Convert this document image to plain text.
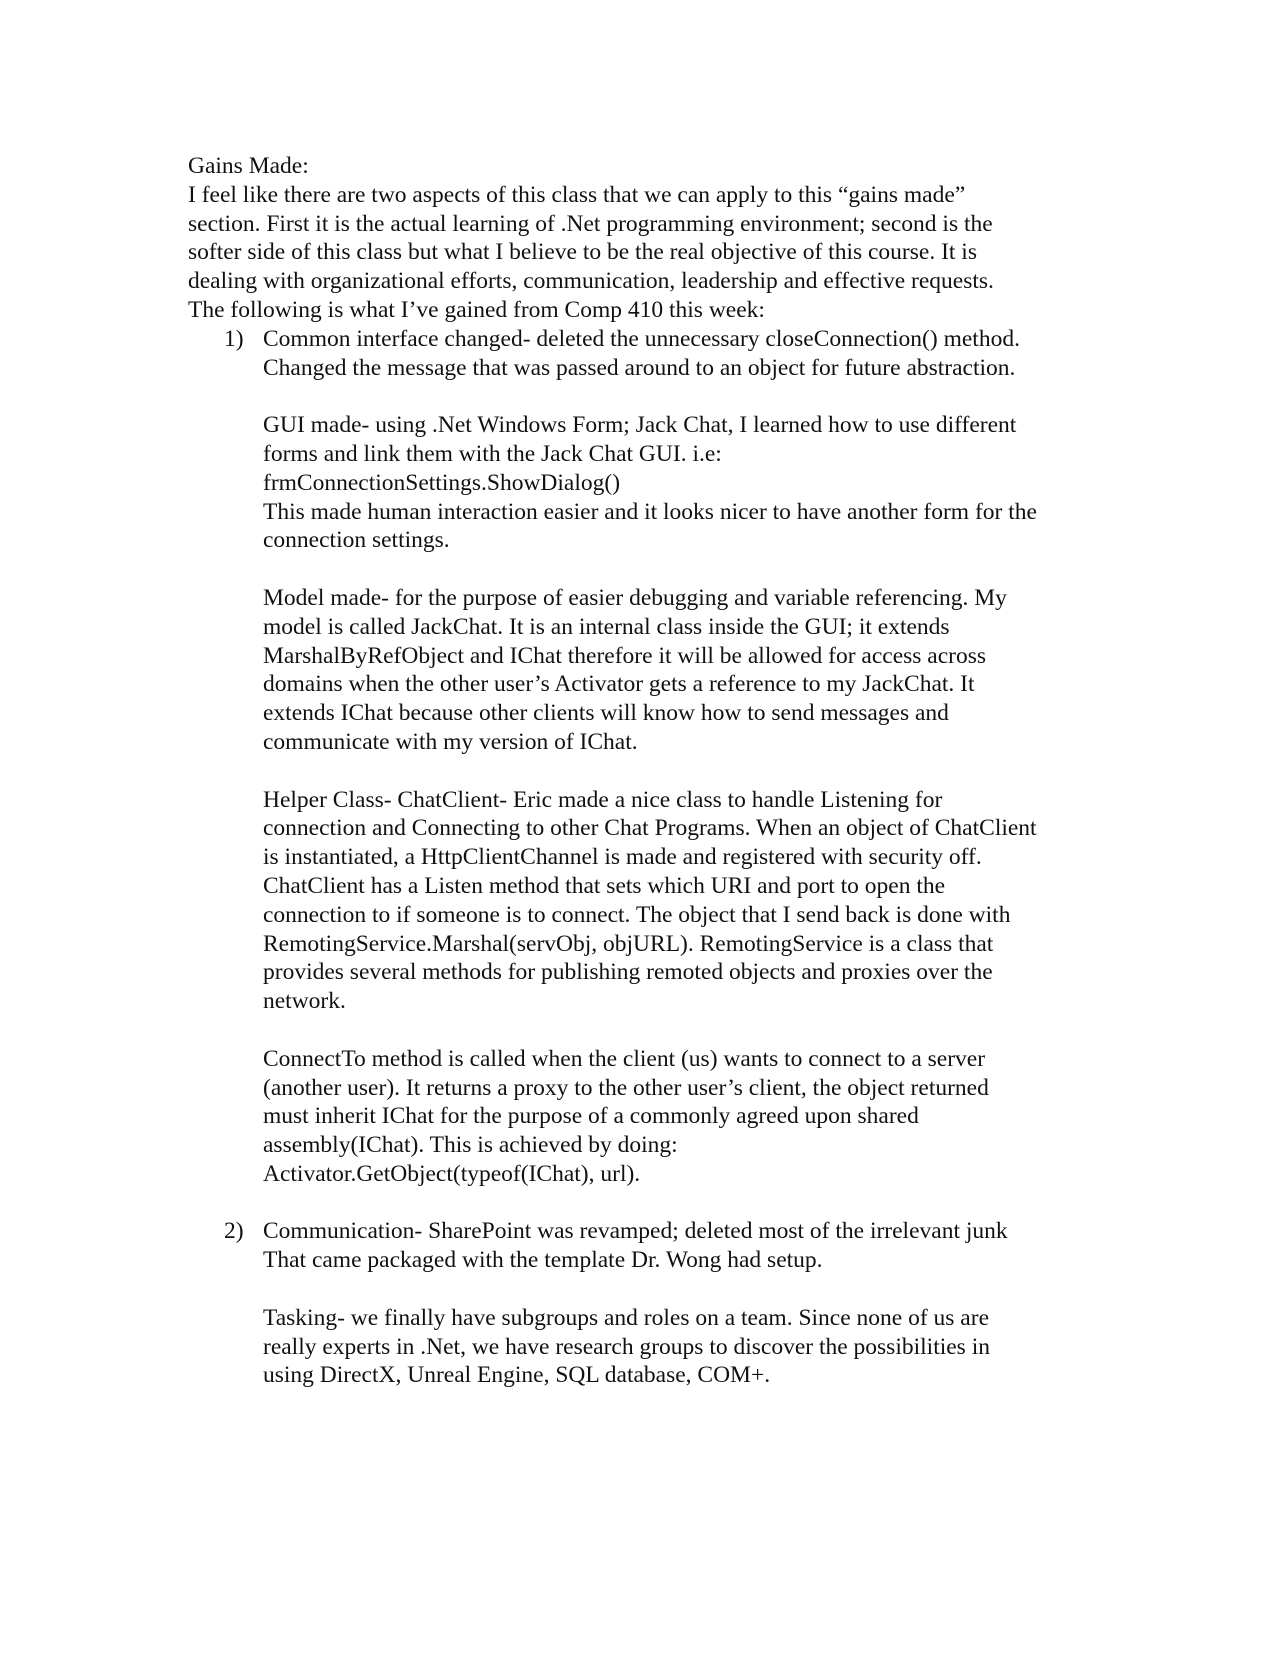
Gains Made:

I feel like there are two aspects of this class that we can apply to this “gains made”
section. First it is the actual learning of .Net programming environment; second is the
softer side of this class but what I believe to be the real objective of this course. It is
dealing with organizational efforts, communication, leadership and effective requests.
The following is what I’ve gained from Comp 410 this week:

1) Common interface changed- deleted the unnecessary closeConnection() method.
Changed the message that was passed around to an object for future abstraction.

GUI made- using .Net Windows Form; Jack Chat, I learned how to use different
forms and link them with the Jack Chat GUI. i.e:
frmConnectionSettings.ShowDialog()
This made human interaction easier and it looks nicer to have another form for the
connection settings.

Model made- for the purpose of easier debugging and variable referencing. My
model is called JackChat. It is an internal class inside the GUI; it extends
MarshalByRefObject and IChat therefore it will be allowed for access across
domains when the other user’s Activator gets a reference to my JackChat. It
extends IChat because other clients will know how to send messages and
communicate with my version of IChat.

Helper Class- ChatClient- Eric made a nice class to handle Listening for
connection and Connecting to other Chat Programs. When an object of ChatClient
is instantiated, a HttpClientChannel is made and registered with security off.
ChatClient has a Listen method that sets which URI and port to open the
connection to if someone is to connect. The object that I send back is done with
RemotingService.Marshal(servObj, objURL). RemotingService is a class that
provides several methods for publishing remoted objects and proxies over the
network.

ConnectTo method is called when the client (us) wants to connect to a server
(another user). It returns a proxy to the other user’s client, the object returned
must inherit IChat for the purpose of a commonly agreed upon shared
assembly(IChat). This is achieved by doing:
Activator.GetObject(typeof(IChat), url).

2) Communication- SharePoint was revamped; deleted most of the irrelevant junk
That came packaged with the template Dr. Wong had setup.

Tasking- we finally have subgroups and roles on a team. Since none of us are
really experts in .Net, we have research groups to discover the possibilities in
using DirectX, Unreal Engine, SQL database, COM+.
